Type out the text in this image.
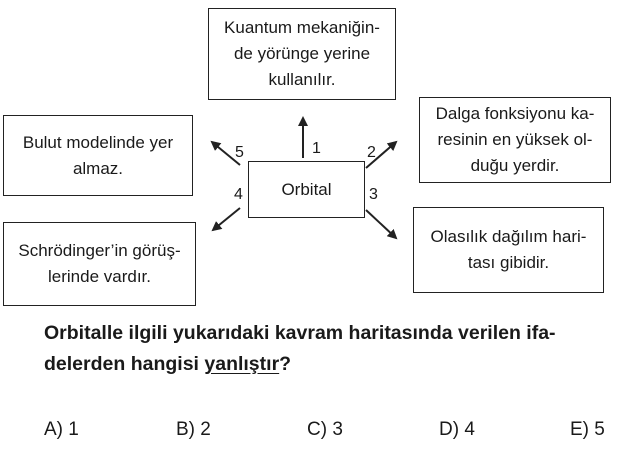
Orbital
Kuantum mekaniğin-
de yörünge yerine
kullanılır.
Dalga fonksiyonu ka-
resinin en yüksek ol-
duğu yerdir.
Olasılık dağılım hari-
tası gibidir.
Schrödinger’in görüş-
lerinde vardır.
Bulut modelinde yer
almaz.
1	2
3
4
5
Orbitalle ilgili yukarıdaki kavram haritasında verilen ifa-
delerden hangisi yanlıştır?
A) 1	B) 2	C) 3	D) 4	E) 5
